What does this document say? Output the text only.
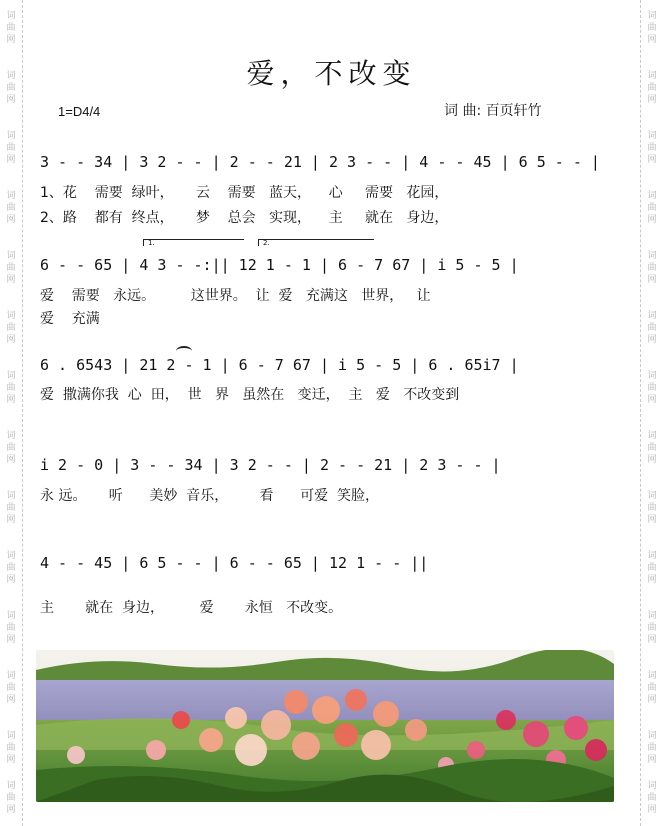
词
曲
网
词
曲
网
词
曲
网
词
曲
网
词
曲
网
词
曲
网
词
曲
网
词
曲
网
词
曲
网
词
曲
网
词
曲
网
词
曲
网
词
曲
网
词
曲
网
词
曲
网
词
曲
网
词
曲
网
词
曲
网
词
曲
网
词
曲
网
词
曲
网
词
曲
网
词
曲
网
词
曲
网
词
曲
网
词
曲
网
词
曲
网
词
曲
网
爱，不改变
1=D4/4	词 曲: 百页轩竹
3 - - 34 | 3 2 - - | 2 - - 21 | 2 3 - - | 4 - - 45 | 6 5 - - |
1、花    需要  绿叶，     云    需要   蓝天，    心     需要   花园，
2、路    都有  终点，     梦    总会   实现，    主     就在   身边，
1.	2.
6 - - 65 | 4 3 - -:|| 12 1 - 1 | 6 - 7 67 | i 5 - 5 |
爱    需要   永远。        这世界。  让  爱   充满这   世界，   让
爱    充满
6 . 6543 | 21 2 - 1 | 6 - 7 67 | i 5 - 5 | 6 . 65i7 |
爱  撒满你我  心  田，  世   界   虽然在   变迁，  主   爱   不改变到
i 2 - 0 | 3 - - 34 | 3 2 - - | 2 - - 21 | 2 3 - - |
永 远。     听      美妙  音乐，       看      可爱  笑脸，
4 - - 45 | 6 5 - - | 6 - - 65 | 12 1 - - ||
主       就在  身边，        爱       永恒   不改变。
